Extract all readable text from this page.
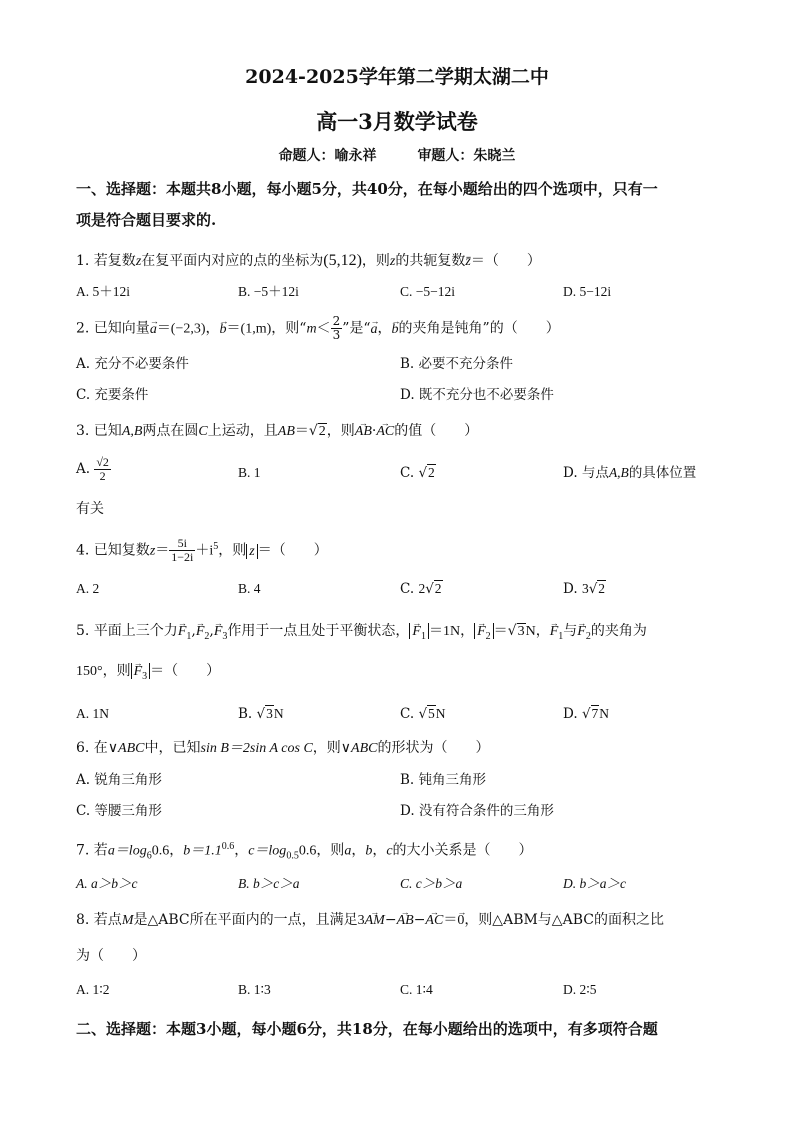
2024-2025学年第二学期太湖二中
高一3月数学试卷
命题人：喻永祥	审题人：朱晓兰
一、选择题：本题共8小题，每小题5分，共40分，在每小题给出的四个选项中，只有一
项是符合题目要求的.
1. 若复数z在复平面内对应的点的坐标为(5,12)，则z的共轭复数z̄＝（　　）
A. 5＋12i	B. −5＋12i	C. −5−12i	D. 5−12i
2. 已知向量→ a＝(−2,3)，→ b＝(1,m)，则“$m< \frac{2}{3}$ ”是“→ a，→ b的夹角是钝角”的（　　）
A. 充分不必要条件	B. 必要不充分条件
C. 充要条件	D. 既不充分也不必要条件
3. 已知A,B两点在圆C上运动，且AB＝√2，则→ AB·→ AC的值（　　）
A. $\frac{√2}{2}$	B. 1	C. √2	D. 与点A,B的具体位置
有关
4. 已知复数$z= \frac{5i}{1-2i} +i^5$，则 z ＝（　　）
A. 2	B. 4	C. 2√2	D. 3√2
5. 平面上三个力→ $F_1,\to F_2,\to F_3$作用于一点且处于平衡状态， → $F_1 =1N$， → $F_2 =√3N$，→ $F_1$与→ $F_2$的夹角为
150°，则 → $F_3$ ＝（　　）
A. 1N	B. √3N	C. √5N	D. √7N
6. 在∨ABC中，已知sin B＝2sin A cos C，则∨ABC的形状为（　　）
A. 锐角三角形	B. 钝角三角形
C. 等腰三角形	D. 没有符合条件的三角形
7. 若$a=\log_60.6$，$b=1.1^{0.6}$，$c=\log_{0.5}0.6$，则a，b，c的大小关系是（　　）
A. a＞b＞c	B. b＞c＞a	C. c＞b＞a	D. b＞a＞c
8. 若点M是△ABC所在平面内的一点，且满足3→ AM−→ AB−→ AC＝→ 0，则△ABM与△ABC的面积之比
为（　　）
A. 1∶2	B. 1∶3	C. 1∶4	D. 2∶5
二、选择题：本题3小题，每小题6分，共18分，在每小题给出的选项中，有多项符合题
